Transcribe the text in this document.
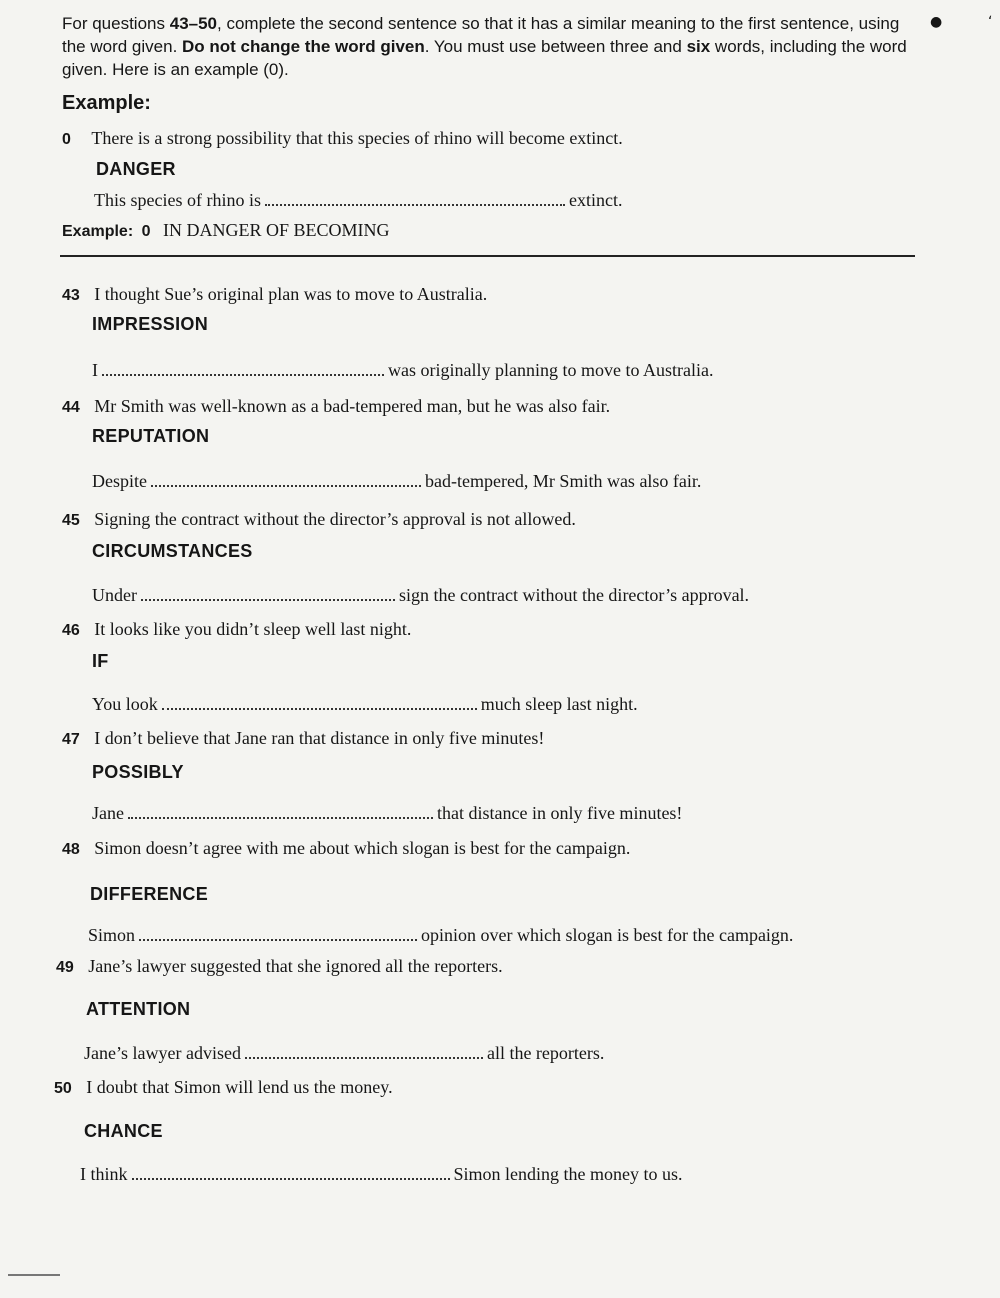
For questions 43–50, complete the second sentence so that it has a similar meaning to the first sentence, using the word given. Do not change the word given. You must use between three and six words, including the word given. Here is an example (0).
●	ʻ
Example:
0 There is a strong possibility that this species of rhino will become extinct.
DANGER
This species of rhino is	extinct.
Example: 0 IN DANGER OF BECOMING
43 I thought Sue’s original plan was to move to Australia.
IMPRESSION
I	was originally planning to move to Australia.
44 Mr Smith was well-known as a bad-tempered man, but he was also fair.
REPUTATION
Despite	bad-tempered, Mr Smith was also fair.
45 Signing the contract without the director’s approval is not allowed.
CIRCUMSTANCES
Under	sign the contract without the director’s approval.
46 It looks like you didn’t sleep well last night.
IF
You look	much sleep last night.
47 I don’t believe that Jane ran that distance in only five minutes!
POSSIBLY
Jane	that distance in only five minutes!
48 Simon doesn’t agree with me about which slogan is best for the campaign.
DIFFERENCE
Simon	opinion over which slogan is best for the campaign.
49 Jane’s lawyer suggested that she ignored all the reporters.
ATTENTION
Jane’s lawyer advised	all the reporters.
50 I doubt that Simon will lend us the money.
CHANCE
I think	Simon lending the money to us.
